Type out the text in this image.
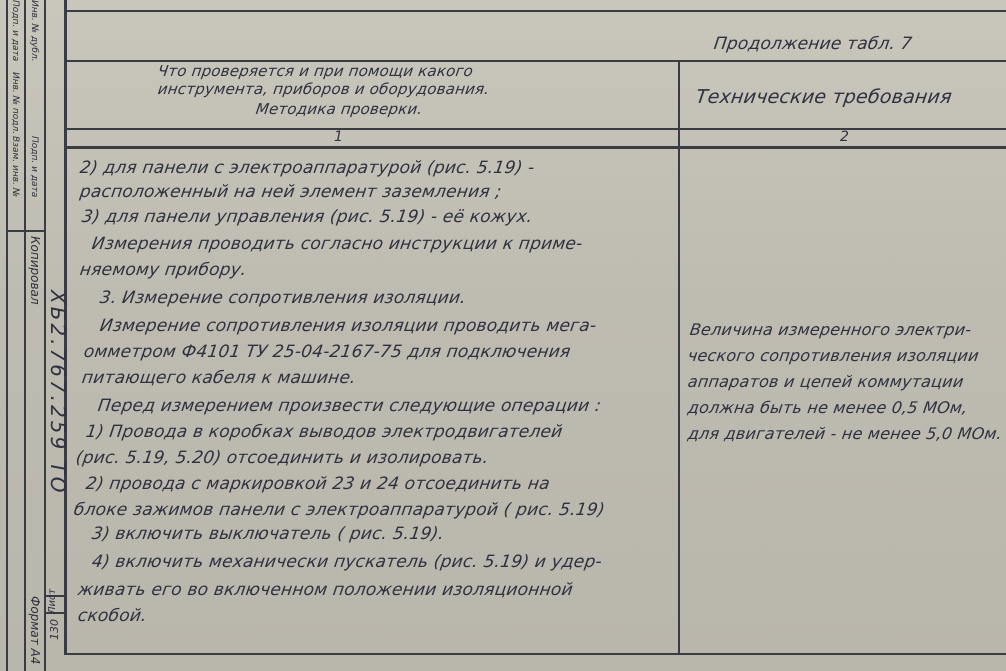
Продолжение табл. 7
Что проверяется и при помощи какого
инструмента, приборов и оборудования.
Методика проверки.
Технические требования
1	2
2) для панели с электроаппаратурой (рис. 5.19) -
расположенный на ней элемент заземления ;
3) для панели управления (рис. 5.19) - её кожух.
Измерения проводить согласно инструкции к приме-
няемому прибору.
3. Измерение сопротивления изоляции.
Измерение сопротивления изоляции проводить мега-
омметром Ф4101 ТУ 25-04-2167-75 для подключения
питающего кабеля к машине.
Перед измерением произвести следующие операции :
1) Провода в коробках выводов электродвигателей
(рис. 5.19, 5.20) отсоединить и изолировать.
2) провода с маркировкой 23 и 24 отсоединить на
блоке зажимов панели с электроаппаратурой ( рис. 5.19)
3) включить выключатель ( рис. 5.19).
4) включить механически пускатель (рис. 5.19) и удер-
живать его во включенном положении изоляционной
скобой.
Величина измеренного электри-
ческого сопротивления изоляции
аппаратов и цепей коммутации
должна быть не менее 0,5 МОм,
для двигателей - не менее 5,0 МОм.
Инв. № подл.
Подп. и дата
Взам. инв. №
Инв. № дубл.
Подп. и дата
Копировал
ХБ2.767.259 ТО
Формат А4 Лист
130
